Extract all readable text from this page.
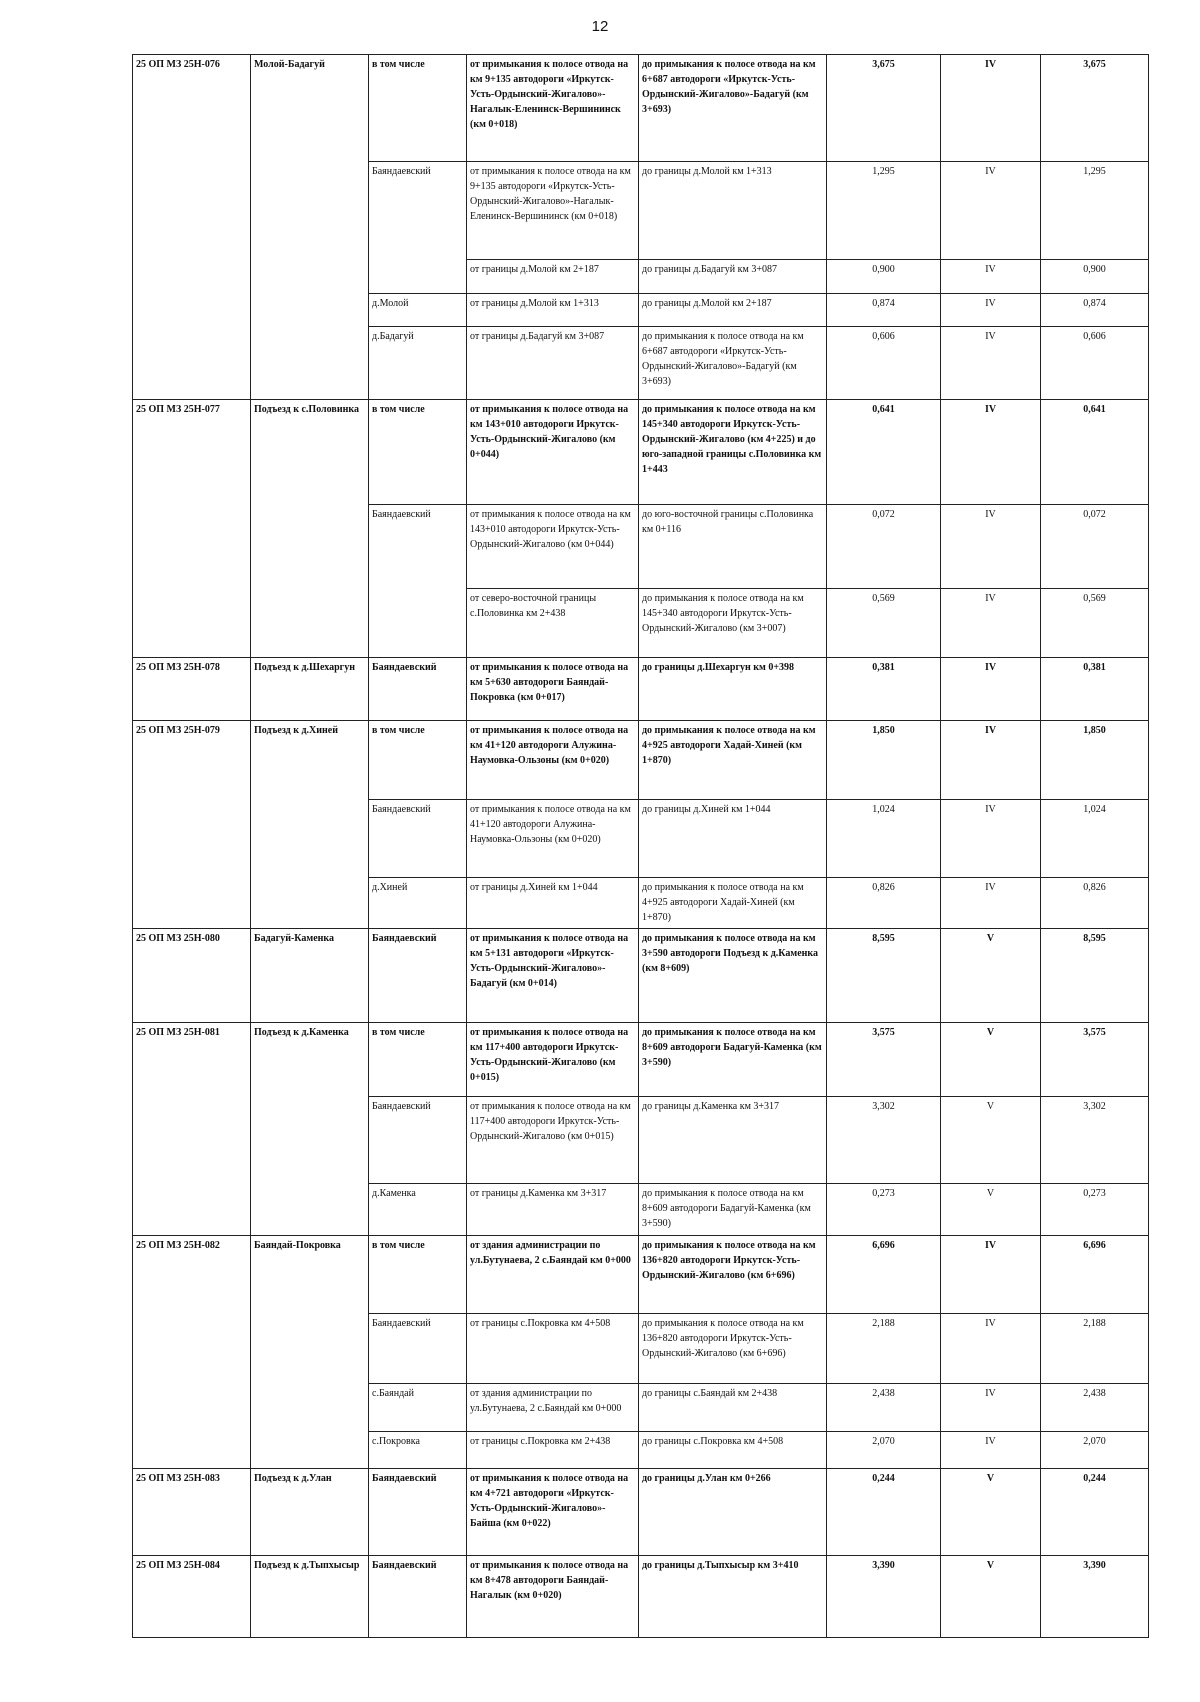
12
25 ОП МЗ 25Н-076	Молой-Бадагуй	в том числе	от примыкания к полосе отвода на км 9+135 автодороги «Иркутск-Усть-Ордынский-Жигалово»-Нагалык-Еленинск-Вершининск (км 0+018)	до примыкания к полосе отвода на км 6+687 автодороги «Иркутск-Усть-Ордынский-Жигалово»-Бадагуй (км 3+693)	3,675	IV	3,675
		Баяндаевский	от примыкания к полосе отвода на км 9+135 автодороги «Иркутск-Усть-Ордынский-Жигалово»-Нагалык-Еленинск-Вершининск (км 0+018)	до границы д.Молой км 1+313	1,295	IV	1,295
			от границы д.Молой км 2+187	до границы д.Бадагуй км 3+087	0,900	IV	0,900
		д.Молой	от границы д.Молой км 1+313	до границы д.Молой км 2+187	0,874	IV	0,874
		д.Бадагуй	от границы д.Бадагуй км 3+087	до примыкания к полосе отвода на км 6+687 автодороги «Иркутск-Усть-Ордынский-Жигалово»-Бадагуй (км 3+693)	0,606	IV	0,606
25 ОП МЗ 25Н-077	Подъезд к с.Половинка	в том числе	от примыкания к полосе отвода на км 143+010 автодороги Иркутск-Усть-Ордынский-Жигалово (км 0+044)	до примыкания к полосе отвода на км 145+340 автодороги Иркутск-Усть-Ордынский-Жигалово (км 4+225) и до юго-западной границы с.Половинка км 1+443	0,641	IV	0,641
		Баяндаевский	от примыкания к полосе отвода на км 143+010 автодороги Иркутск-Усть-Ордынский-Жигалово (км 0+044)	до юго-восточной границы с.Половинка км 0+116	0,072	IV	0,072
			от северо-восточной границы с.Половинка км 2+438	до примыкания к полосе отвода на км 145+340 автодороги Иркутск-Усть-Ордынский-Жигалово (км 3+007)	0,569	IV	0,569
25 ОП МЗ 25Н-078	Подъезд к д.Шехаргун	Баяндаевский	от примыкания к полосе отвода на км 5+630 автодороги Баяндай-Покровка (км 0+017)	до границы д.Шехаргун км 0+398	0,381	IV	0,381
25 ОП МЗ 25Н-079	Подъезд к д.Хиней	в том числе	от примыкания к полосе отвода на км 41+120 автодороги Алужина-Наумовка-Ользоны (км 0+020)	до примыкания к полосе отвода на км 4+925 автодороги Хадай-Хиней (км 1+870)	1,850	IV	1,850
		Баяндаевский	от примыкания к полосе отвода на км 41+120 автодороги Алужина-Наумовка-Ользоны (км 0+020)	до границы д.Хиней км 1+044	1,024	IV	1,024
		д.Хиней	от границы д.Хиней км 1+044	до примыкания к полосе отвода на км 4+925 автодороги Хадай-Хиней (км 1+870)	0,826	IV	0,826
25 ОП МЗ 25Н-080	Бадагуй-Каменка	Баяндаевский	от примыкания к полосе отвода на км 5+131 автодороги «Иркутск-Усть-Ордынский-Жигалово»-Бадагуй (км 0+014)	до примыкания к полосе отвода на км 3+590 автодороги Подъезд к д.Каменка (км 8+609)	8,595	V	8,595
25 ОП МЗ 25Н-081	Подъезд к д.Каменка	в том числе	от примыкания к полосе отвода на км 117+400 автодороги Иркутск-Усть-Ордынский-Жигалово (км 0+015)	до примыкания к полосе отвода на км 8+609 автодороги Бадагуй-Каменка (км 3+590)	3,575	V	3,575
		Баяндаевский	от примыкания к полосе отвода на км 117+400 автодороги Иркутск-Усть-Ордынский-Жигалово (км 0+015)	до границы д.Каменка км 3+317	3,302	V	3,302
		д.Каменка	от границы д.Каменка км 3+317	до примыкания к полосе отвода на км 8+609 автодороги Бадагуй-Каменка (км 3+590)	0,273	V	0,273
25 ОП МЗ 25Н-082	Баяндай-Покровка	в том числе	от здания администрации по ул.Бутунаева, 2 с.Баяндай км 0+000	до примыкания к полосе отвода на км 136+820 автодороги Иркутск-Усть-Ордынский-Жигалово (км 6+696)	6,696	IV	6,696
		Баяндаевский	от границы с.Покровка км 4+508	до примыкания к полосе отвода на км 136+820 автодороги Иркутск-Усть-Ордынский-Жигалово (км 6+696)	2,188	IV	2,188
		с.Баяндай	от здания администрации по ул.Бутунаева, 2 с.Баяндай км 0+000	до границы с.Баяндай км 2+438	2,438	IV	2,438
		с.Покровка	от границы с.Покровка км 2+438	до границы с.Покровка км 4+508	2,070	IV	2,070
25 ОП МЗ 25Н-083	Подъезд к д.Улан	Баяндаевский	от примыкания к полосе отвода на км 4+721 автодороги «Иркутск-Усть-Ордынский-Жигалово»-Байша (км 0+022)	до границы д.Улан км 0+266	0,244	V	0,244
25 ОП МЗ 25Н-084	Подъезд к д.Тыпхысыр	Баяндаевский	от примыкания к полосе отвода на км 8+478 автодороги Баяндай-Нагалык (км 0+020)	до границы д.Тыпхысыр км 3+410	3,390	V	3,390
